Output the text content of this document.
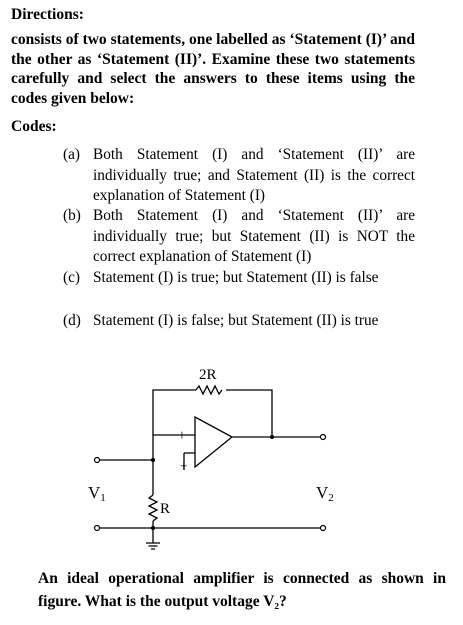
Directions:
consists of two statements, one labelled as ‘Statement (I)’ and the other as ‘Statement (II)’. Examine these two statements carefully and select the answers to these items using the codes given below:
Codes:
(a) Both Statement (I) and ‘Statement (II)’ are individually true; and Statement (II) is the correct explanation of Statement (I)
(b) Both Statement (I) and ‘Statement (II)’ are individually true; but Statement (II) is NOT the correct explanation of Statement (I)
(c) Statement (I) is true; but Statement (II) is false
(d) Statement (I) is false; but Statement (II) is true
2R
−
+
R
V1	V2
An ideal operational amplifier is connected as shown in figure. What is the output voltage V₂?
